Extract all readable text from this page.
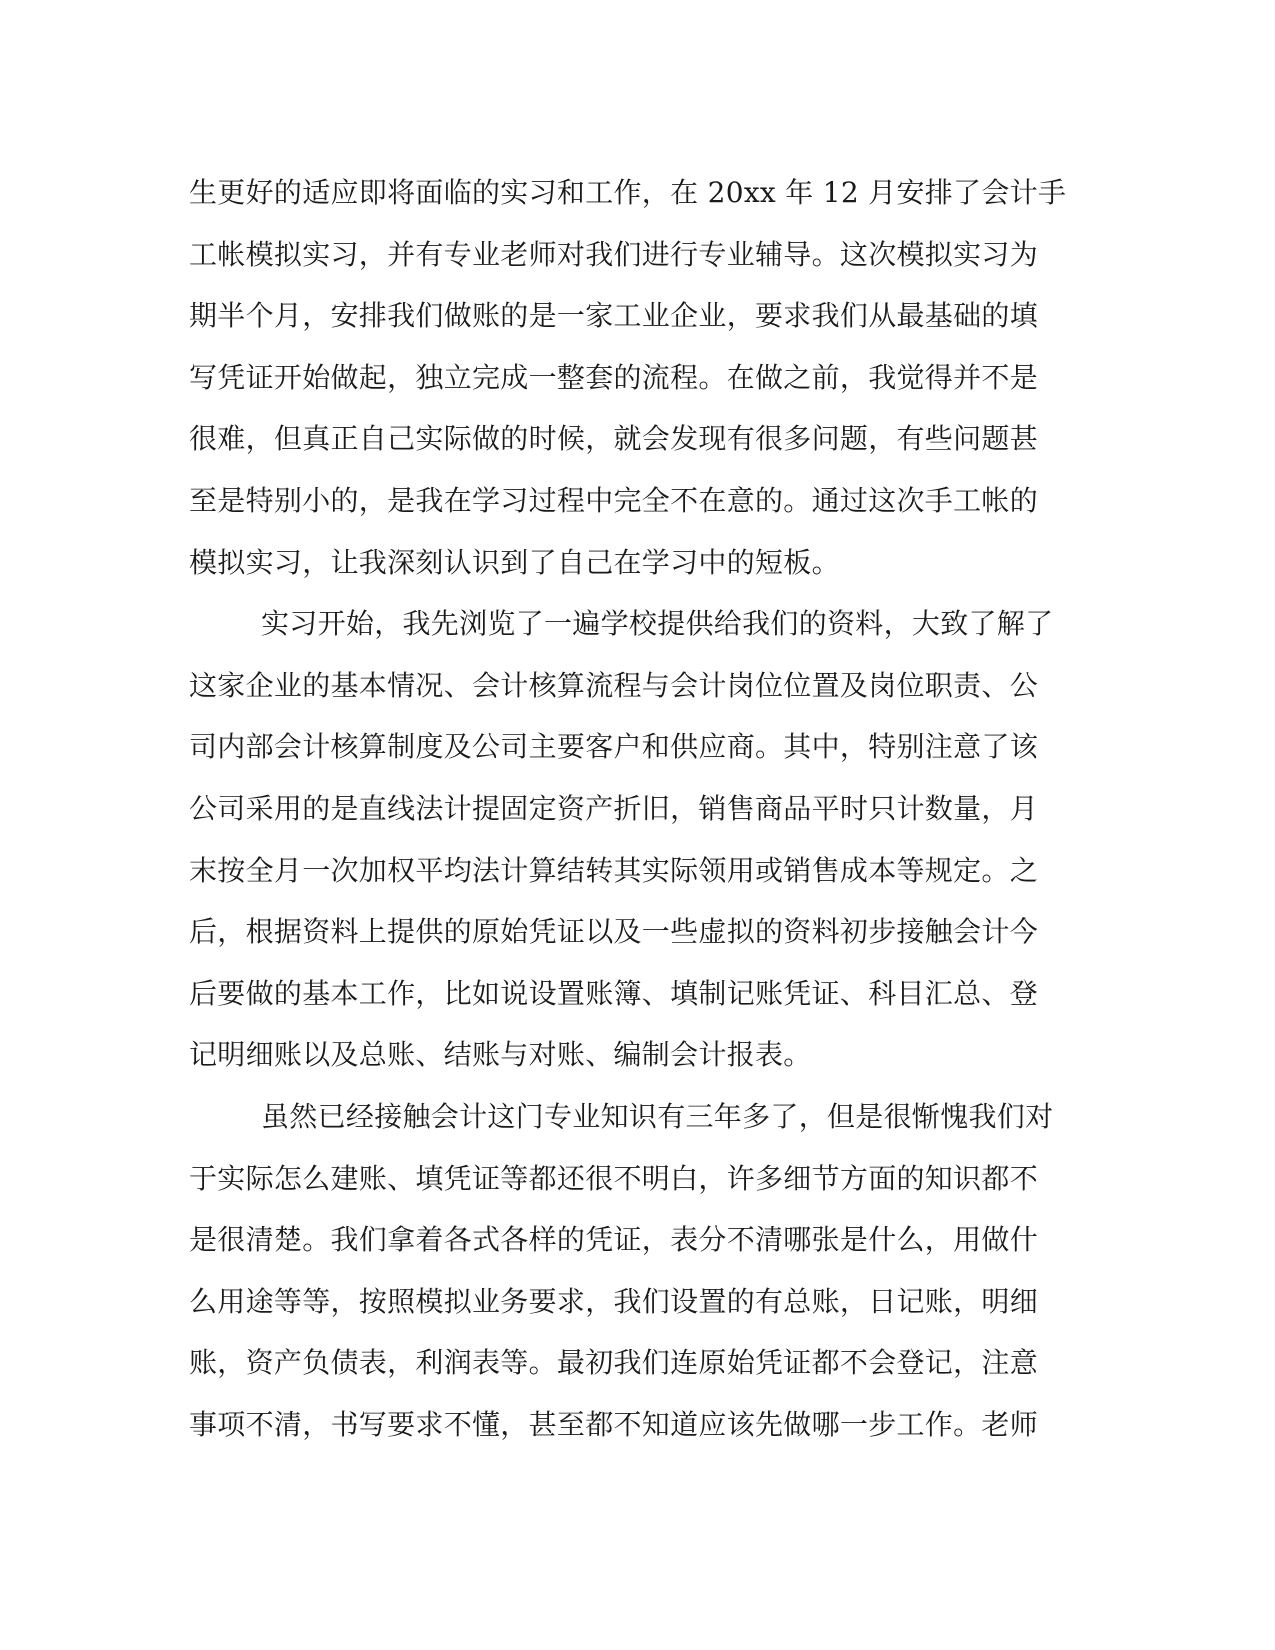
生更好的适应即将面临的实习和工作，在 20xx 年 12 月安排了会计手
工帐模拟实习，并有专业老师对我们进行专业辅导。这次模拟实习为
期半个月，安排我们做账的是一家工业企业，要求我们从最基础的填
写凭证开始做起，独立完成一整套的流程。在做之前，我觉得并不是
很难，但真正自己实际做的时候，就会发现有很多问题，有些问题甚
至是特别小的，是我在学习过程中完全不在意的。通过这次手工帐的
模拟实习，让我深刻认识到了自己在学习中的短板。
实习开始，我先浏览了一遍学校提供给我们的资料，大致了解了
这家企业的基本情况、会计核算流程与会计岗位位置及岗位职责、公
司内部会计核算制度及公司主要客户和供应商。其中，特别注意了该
公司采用的是直线法计提固定资产折旧，销售商品平时只计数量，月
末按全月一次加权平均法计算结转其实际领用或销售成本等规定。之
后，根据资料上提供的原始凭证以及一些虚拟的资料初步接触会计今
后要做的基本工作，比如说设置账簿、填制记账凭证、科目汇总、登
记明细账以及总账、结账与对账、编制会计报表。
虽然已经接触会计这门专业知识有三年多了，但是很惭愧我们对
于实际怎么建账、填凭证等都还很不明白，许多细节方面的知识都不
是很清楚。我们拿着各式各样的凭证，表分不清哪张是什么，用做什
么用途等等，按照模拟业务要求，我们设置的有总账，日记账，明细
账，资产负债表，利润表等。最初我们连原始凭证都不会登记，注意
事项不清，书写要求不懂，甚至都不知道应该先做哪一步工作。老师
